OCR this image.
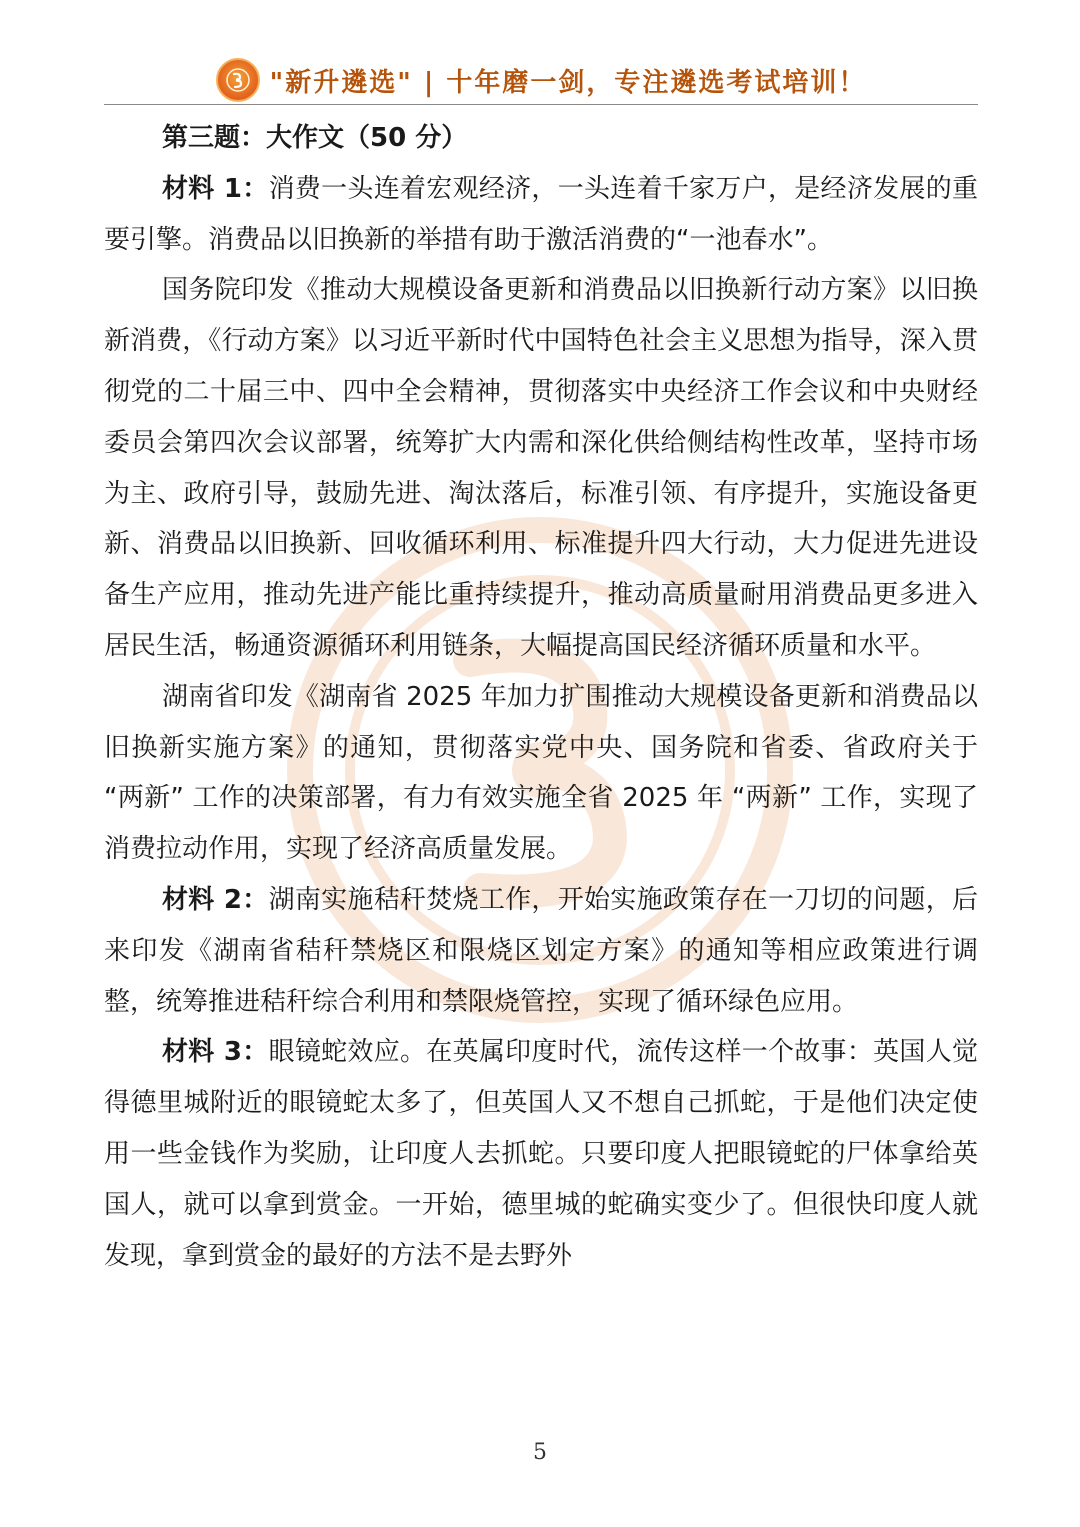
"新升遴选" | 十年磨一剑，专注遴选考试培训！

第三题：大作文（50 分）

材料 1：消费一头连着宏观经济，一头连着千家万户，是经济发展的重要引擎。消费品以旧换新的举措有助于激活消费的“一池春水”。

国务院印发《推动大规模设备更新和消费品以旧换新行动方案》以旧换新消费，《行动方案》以习近平新时代中国特色社会主义思想为指导，深入贯彻党的二十届三中、四中全会精神，贯彻落实中央经济工作会议和中央财经委员会第四次会议部署，统筹扩大内需和深化供给侧结构性改革，坚持市场为主、政府引导，鼓励先进、淘汰落后，标准引领、有序提升，实施设备更新、消费品以旧换新、回收循环利用、标准提升四大行动，大力促进先进设备生产应用，推动先进产能比重持续提升，推动高质量耐用消费品更多进入居民生活，畅通资源循环利用链条，大幅提高国民经济循环质量和水平。

湖南省印发《湖南省 2025 年加力扩围推动大规模设备更新和消费品以旧换新实施方案》的通知，贯彻落实党中央、国务院和省委、省政府关于 “两新” 工作的决策部署，有力有效实施全省 2025 年 “两新” 工作，实现了消费拉动作用，实现了经济高质量发展。

材料 2：湖南实施秸秆焚烧工作，开始实施政策存在一刀切的问题，后来印发《湖南省秸秆禁烧区和限烧区划定方案》的通知等相应政策进行调整，统筹推进秸秆综合利用和禁限烧管控，实现了循环绿色应用。

材料 3：眼镜蛇效应。在英属印度时代，流传这样一个故事：英国人觉得德里城附近的眼镜蛇太多了，但英国人又不想自己抓蛇，于是他们决定使用一些金钱作为奖励，让印度人去抓蛇。只要印度人把眼镜蛇的尸体拿给英国人，就可以拿到赏金。一开始，德里城的蛇确实变少了。但很快印度人就发现，拿到赏金的最好的方法不是去野外

5
